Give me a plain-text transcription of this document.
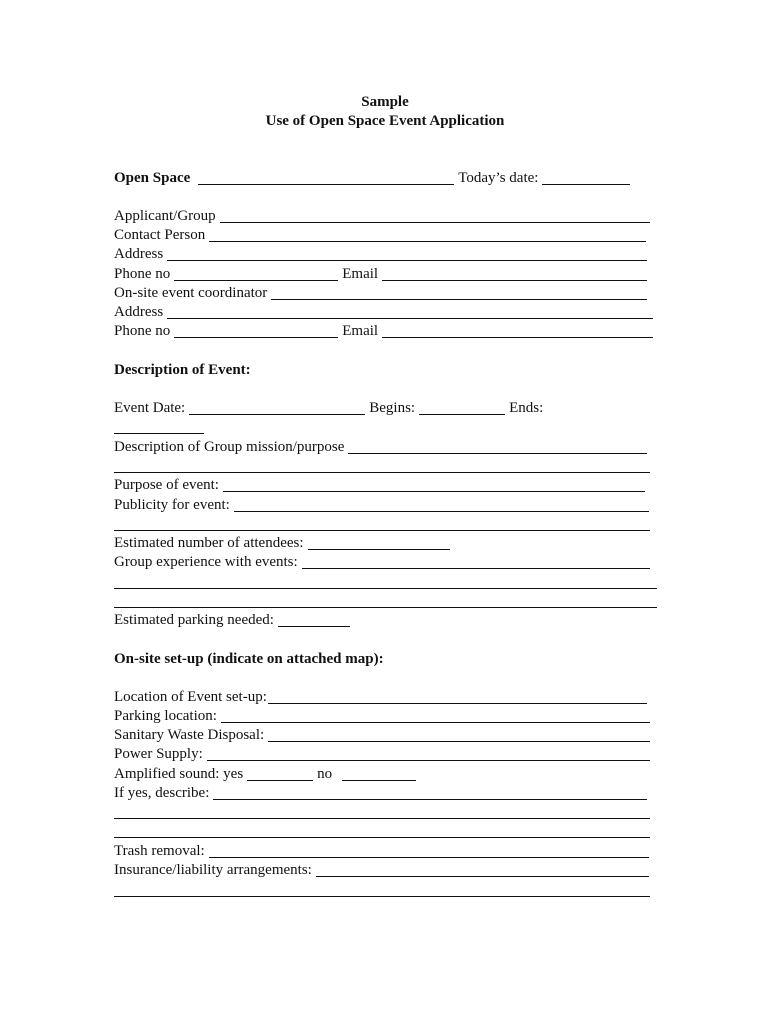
Sample
Use of Open Space Event Application
Open Space	Today’s date:
Applicant/Group
Contact Person
Address
Phone no	Email
On-site event coordinator
Address
Phone no	Email
Description of Event:
Event Date:	Begins:	Ends:
Description of Group mission/purpose
Purpose of event:
Publicity for event:
Estimated number of attendees:
Group experience with events:
Estimated parking needed:
On-site set-up (indicate on attached map):
Location of Event set-up:
Parking location:
Sanitary Waste Disposal:
Power Supply:
Amplified sound: yes	no
If yes, describe:
Trash removal:
Insurance/liability arrangements:
